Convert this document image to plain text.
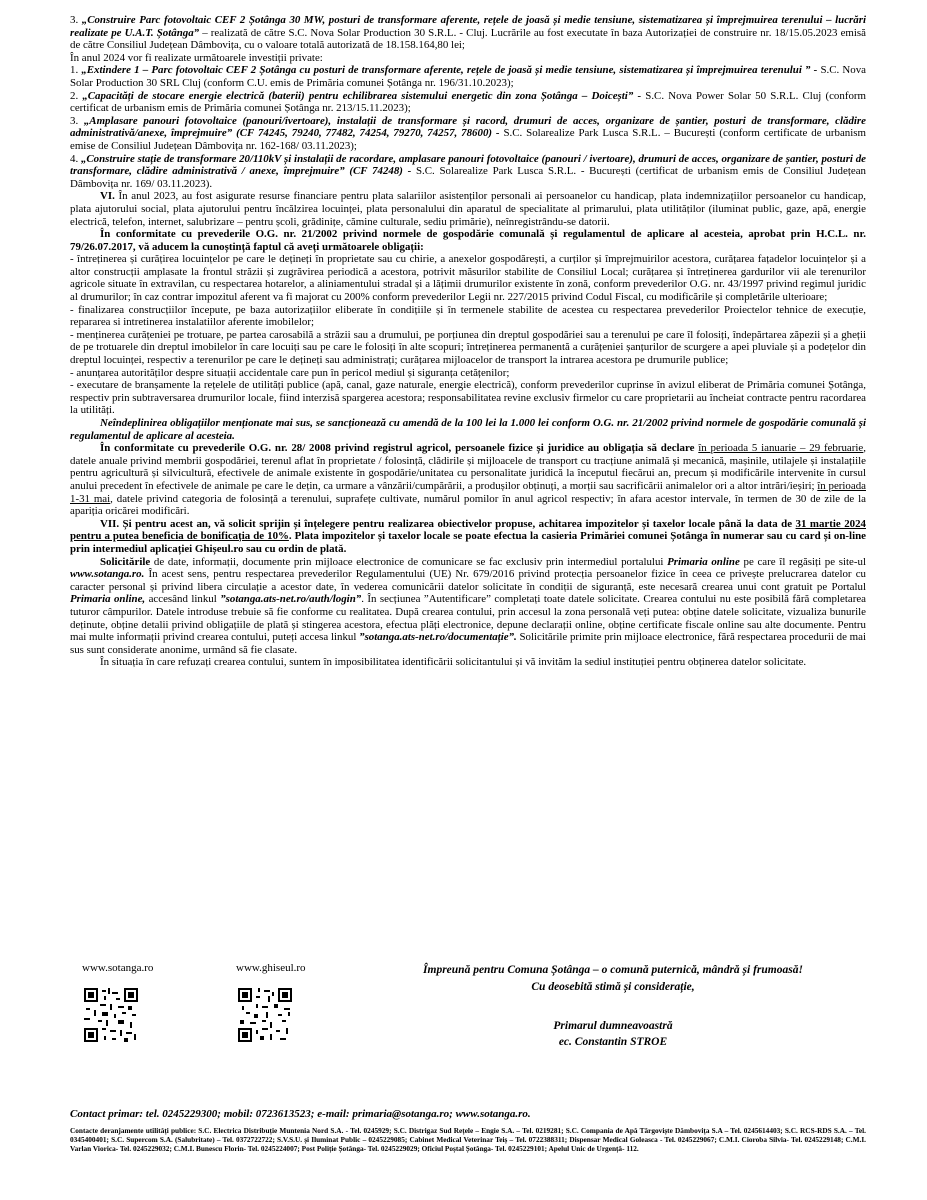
3. „Construire Parc fotovoltaic CEF 2 Șotânga 30 MW, posturi de transformare aferente, rețele de joasă și medie tensiune, sistematizarea și împrejmuirea terenului – lucrări realizate pe U.A.T. Șotânga” – realizată de către S.C. Nova Solar Production 30 S.R.L. - Cluj. Lucrările au fost executate în baza Autorizației de construire nr. 18/15.05.2023 emisă de către Consiliul Județean Dâmbovița, cu o valoare totală autorizată de 18.158.164,80 lei;

În anul 2024 vor fi realizate următoarele investiții private:

1. „Extindere 1 – Parc fotovoltaic CEF 2 Șotânga cu posturi de transformare aferente, rețele de joasă și medie tensiune, sistematizarea și împrejmuirea terenului ” - S.C. Nova Solar Production 30 SRL Cluj (conform C.U. emis de Primăria comunei Șotânga nr. 196/31.10.2023);

2. „Capacități de stocare energie electrică (baterii) pentru echilibrarea sistemului energetic din zona Șotânga – Doicești” - S.C. Nova Power Solar 50 S.R.L. Cluj (conform certificat de urbanism emis de Primăria comunei Șotânga nr. 213/15.11.2023);

3. „Amplasare panouri fotovoltaice (panouri/ivertoare), instalații de transformare și racord, drumuri de acces, organizare de șantier, posturi de transformare, clădire administrativă/anexe, împrejmuire” (CF 74245, 79240, 77482, 74254, 79270, 74257, 78600) - S.C. Solarealize Park Lusca S.R.L. – București (conform certificate de urbanism emise de Consiliul Județean Dâmbovița nr. 162-168/ 03.11.2023);

4. „Construire stație de transformare 20/110kV și instalații de racordare, amplasare panouri fotovoltaice (panouri / ivertoare), drumuri de acces, organizare de șantier, posturi de transformare, clădire administrativă / anexe, împrejmuire” (CF 74248) - S.C. Solarealize Park Lusca S.R.L. - București (certificat de urbanism emis de Consiliul Județean Dâmbovița nr. 169/ 03.11.2023).

VI. În anul 2023, au fost asigurate resurse financiare pentru plata salariilor asistenților personali ai persoanelor cu handicap, plata indemnizațiilor persoanelor cu handicap, plata ajutorului social, plata ajutorului pentru încălzirea locuinței, plata personalului din aparatul de specialitate al primarului, plata utilităților (iluminat public, gaze, apă, energie electrică, telefon, internet, salubrizare – pentru școli, grădinițe, cămine culturale, sediu primărie), neînregistrându-se datorii.

În conformitate cu prevederile O.G. nr. 21/2002 privind normele de gospodărie comunală și regulamentul de aplicare al acesteia, aprobat prin H.C.L. nr. 79/26.07.2017, vă aducem la cunoștință faptul că aveți următoarele obligații:

- întreținerea și curățirea locuințelor pe care le dețineți în proprietate sau cu chirie, a anexelor gospodărești, a curților și împrejmuirilor acestora, curățarea fațadelor locuințelor și a altor construcții amplasate la frontul străzii și zugrăvirea periodică a acestora, potrivit măsurilor stabilite de Consiliul Local; curățarea și întreținerea gardurilor vii ale terenurilor agricole situate în extravilan, cu respectarea hotarelor, a aliniamentului stradal și a lățimii drumurilor existente în zonă, conform prevederilor O.G. nr. 43/1997 privind regimul juridic al drumurilor; în caz contrar impozitul aferent va fi majorat cu 200% conform prevederilor Legii nr. 227/2015 privind Codul Fiscal, cu modificările și completările ulterioare;

- finalizarea construcțiilor începute, pe baza autorizațiilor eliberate în condițiile și în termenele stabilite de acestea cu respectarea prevederilor Proiectelor tehnice de execuție, repararea si intretinerea instalatiilor aferente imobilelor;

- menținerea curățeniei pe trotuare, pe partea carosabilă a străzii sau a drumului, pe porțiunea din dreptul gospodăriei sau a terenului pe care îl folosiți, îndepărtarea zăpezii și a gheții de pe trotuarele din dreptul imobilelor în care locuiți sau pe care le folosiți în alte scopuri; întreținerea permanentă a curățeniei șanțurilor de scurgere a apei pluviale și a podețelor din dreptul locuinței, respectiv a terenurilor pe care le dețineți sau administrați; curățarea mijloacelor de transport la intrarea acestora pe drumurile publice;

- anunțarea autorităților despre situații accidentale care pun în pericol mediul și siguranța cetățenilor;

- executare de branșamente la rețelele de utilități publice (apă, canal, gaze naturale, energie electrică), conform prevederilor cuprinse în avizul eliberat de Primăria comunei Șotânga, respectiv prin subtraversarea drumurilor locale, fiind interzisă spargerea acestora; responsabilitatea revine exclusiv firmelor cu care proprietarii au încheiat contracte pentru racordarea la utilități.

Neîndeplinirea obligațiilor menționate mai sus, se sancționează cu amendă de la 100 lei la 1.000 lei conform O.G. nr. 21/2002 privind normele de gospodărie comunală și regulamentul de aplicare al acesteia.

În conformitate cu prevederile O.G. nr. 28/ 2008 privind registrul agricol, persoanele fizice și juridice au obligația să declare în perioada 5 ianuarie – 29 februarie, datele anuale privind membrii gospodăriei, terenul aflat în proprietate / folosință, clădirile și mijloacele de transport cu tracțiune animală și mecanică, mașinile, utilajele și instalațiile pentru agricultură și silvicultură, efectivele de animale existente în gospodărie/unitatea cu personalitate juridică la începutul fiecărui an, precum și modificările intervenite în cursul anului precedent în efectivele de animale pe care le dețin, ca urmare a vânzării/cumpărării, a produșilor obținuți, a morții sau sacrificării animalelor ori a altor intrări/ieșiri; în perioada 1-31 mai, datele privind categoria de folosință a terenului, suprafețe cultivate, numărul pomilor în anul agricol respectiv; în afara acestor intervale, în termen de 30 de zile de la apariția oricărei modificări.

VII. Și pentru acest an, vă solicit sprijin și înțelegere pentru realizarea obiectivelor propuse, achitarea impozitelor și taxelor locale până la data de 31 martie 2024 pentru a putea beneficia de bonificația de 10%. Plata impozitelor și taxelor locale se poate efectua la casieria Primăriei comunei Șotânga în numerar sau cu card și on-line prin intermediul aplicației Ghișeul.ro sau cu ordin de plată.

Solicitările de date, informații, documente prin mijloace electronice de comunicare se fac exclusiv prin intermediul portalului Primaria online pe care îl regăsiți pe site-ul www.sotanga.ro. În acest sens, pentru respectarea prevederilor Regulamentului (UE) Nr. 679/2016 privind protecția persoanelor fizice în ceea ce privește prelucrarea datelor cu caracter personal și privind libera circulație a acestor date, în vederea comunicării datelor solicitate în condiții de siguranță, este necesară crearea unui cont gratuit pe Portalul Primaria online, accesând linkul ”sotanga.ats-net.ro/auth/login”. În secțiunea ”Autentificare” completați toate datele solicitate. Crearea contului nu este posibilă fără completarea tuturor câmpurilor. Datele introduse trebuie să fie conforme cu realitatea. După crearea contului, prin accesul la zona personală veți putea: obține datele solicitate, vizualiza bunurile deținute, obține detalii privind obligațiile de plată și stingerea acestora, efectua plăți electronice, depune declarații online, obține certificate fiscale online sau alte documente. Pentru mai multe informații privind crearea contului, puteți accesa linkul ”sotanga.ats-net.ro/documentație”. Solicitările primite prin mijloace electronice, fără respectarea procedurii de mai sus sunt considerate anonime, urmând să fie clasate.

În situația în care refuzați crearea contului, suntem în imposibilitatea identificării solicitantului și vă invităm la sediul instituției pentru obținerea datelor solicitate.

www.sotanga.ro	www.ghiseul.ro	Împreună pentru Comuna Șotânga – o comună puternică, mândră și frumoasă!
Cu deosebită stimă și considerație,
Primarul dumneavoastră
ec. Constantin STROE
Contact primar: tel. 0245229300; mobil: 0723613523; e-mail: primaria@sotanga.ro; www.sotanga.ro.
Contacte deranjamente utilități publice: S.C. Electrica Distribuție Muntenia Nord S.A. - Tel. 0245929; S.C. Distrigaz Sud Rețele – Engie S.A. – Tel. 0219281; S.C. Compania de Apă Târgoviște Dâmbovița S.A – Tel. 0245614403; S.C. RCS-RDS S.A. – Tel. 0345400401; S.C. Supercom S.A. (Salubritate) – Tel. 0372722722; S.V.S.U. și Iluminat Public – 0245229085; Cabinet Medical Veterinar Teiș – Tel. 0722388311; Dispensar Medical Goleasca - Tel. 0245229067; C.M.I. Cioroba Silvia- Tel. 0245229148; C.M.I. Varlan Viorica- Tel. 0245229032; C.M.I. Bunescu Florin- Tel. 0245224007; Post Poliție Șotânga- Tel. 0245229029; Oficiul Poștal Șotânga- Tel. 0245229101; Apelul Unic de Urgență- 112.
